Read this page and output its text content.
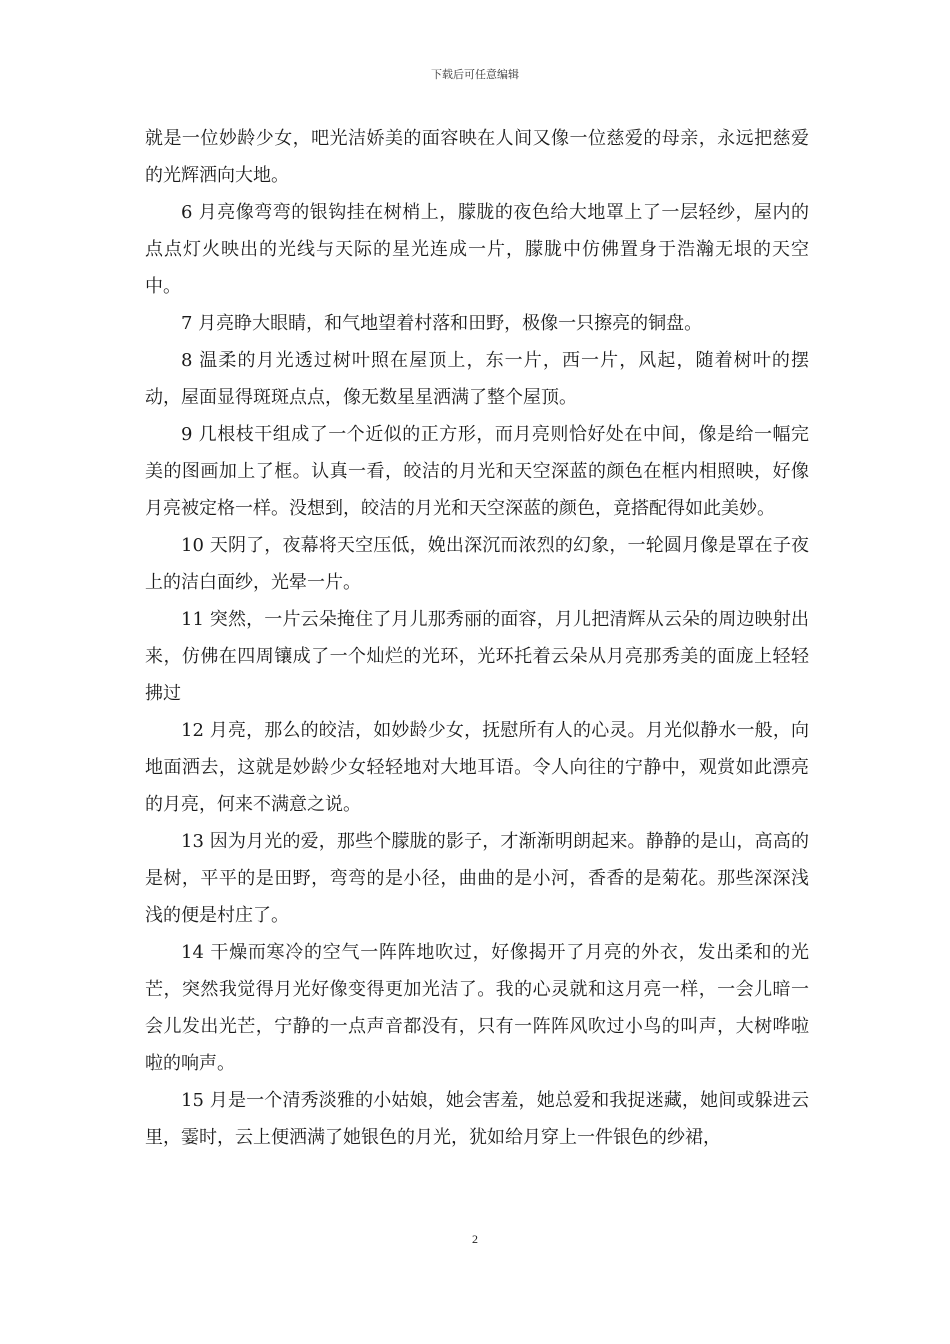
下载后可任意编辑

就是一位妙龄少女，吧光洁娇美的面容映在人间又像一位慈爱的母亲，永远把慈爱的光辉洒向大地。

6 月亮像弯弯的银钩挂在树梢上，朦胧的夜色给大地罩上了一层轻纱，屋内的点点灯火映出的光线与天际的星光连成一片，朦胧中仿佛置身于浩瀚无垠的天空中。

7 月亮睁大眼睛，和气地望着村落和田野，极像一只擦亮的铜盘。

8 温柔的月光透过树叶照在屋顶上，东一片，西一片，风起，随着树叶的摆动，屋面显得斑斑点点，像无数星星洒满了整个屋顶。

9 几根枝干组成了一个近似的正方形，而月亮则恰好处在中间，像是给一幅完美的图画加上了框。认真一看，皎洁的月光和天空深蓝的颜色在框内相照映，好像月亮被定格一样。没想到，皎洁的月光和天空深蓝的颜色，竟搭配得如此美妙。

10 天阴了，夜幕将天空压低，娩出深沉而浓烈的幻象，一轮圆月像是罩在子夜上的洁白面纱，光晕一片。

11 突然，一片云朵掩住了月儿那秀丽的面容，月儿把清辉从云朵的周边映射出来，仿佛在四周镶成了一个灿烂的光环，光环托着云朵从月亮那秀美的面庞上轻轻拂过

12 月亮，那么的皎洁，如妙龄少女，抚慰所有人的心灵。月光似静水一般，向地面洒去，这就是妙龄少女轻轻地对大地耳语。令人向往的宁静中，观赏如此漂亮的月亮，何来不满意之说。

13 因为月光的爱，那些个朦胧的影子，才渐渐明朗起来。静静的是山，高高的是树，平平的是田野，弯弯的是小径，曲曲的是小河，香香的是菊花。那些深深浅浅的便是村庄了。

14 干燥而寒冷的空气一阵阵地吹过，好像揭开了月亮的外衣，发出柔和的光芒，突然我觉得月光好像变得更加光洁了。我的心灵就和这月亮一样，一会儿暗一会儿发出光芒，宁静的一点声音都没有，只有一阵阵风吹过小鸟的叫声，大树哗啦啦的响声。

15 月是一个清秀淡雅的小姑娘，她会害羞，她总爱和我捉迷藏，她间或躲进云里，霎时，云上便洒满了她银色的月光，犹如给月穿上一件银色的纱裙，

2
